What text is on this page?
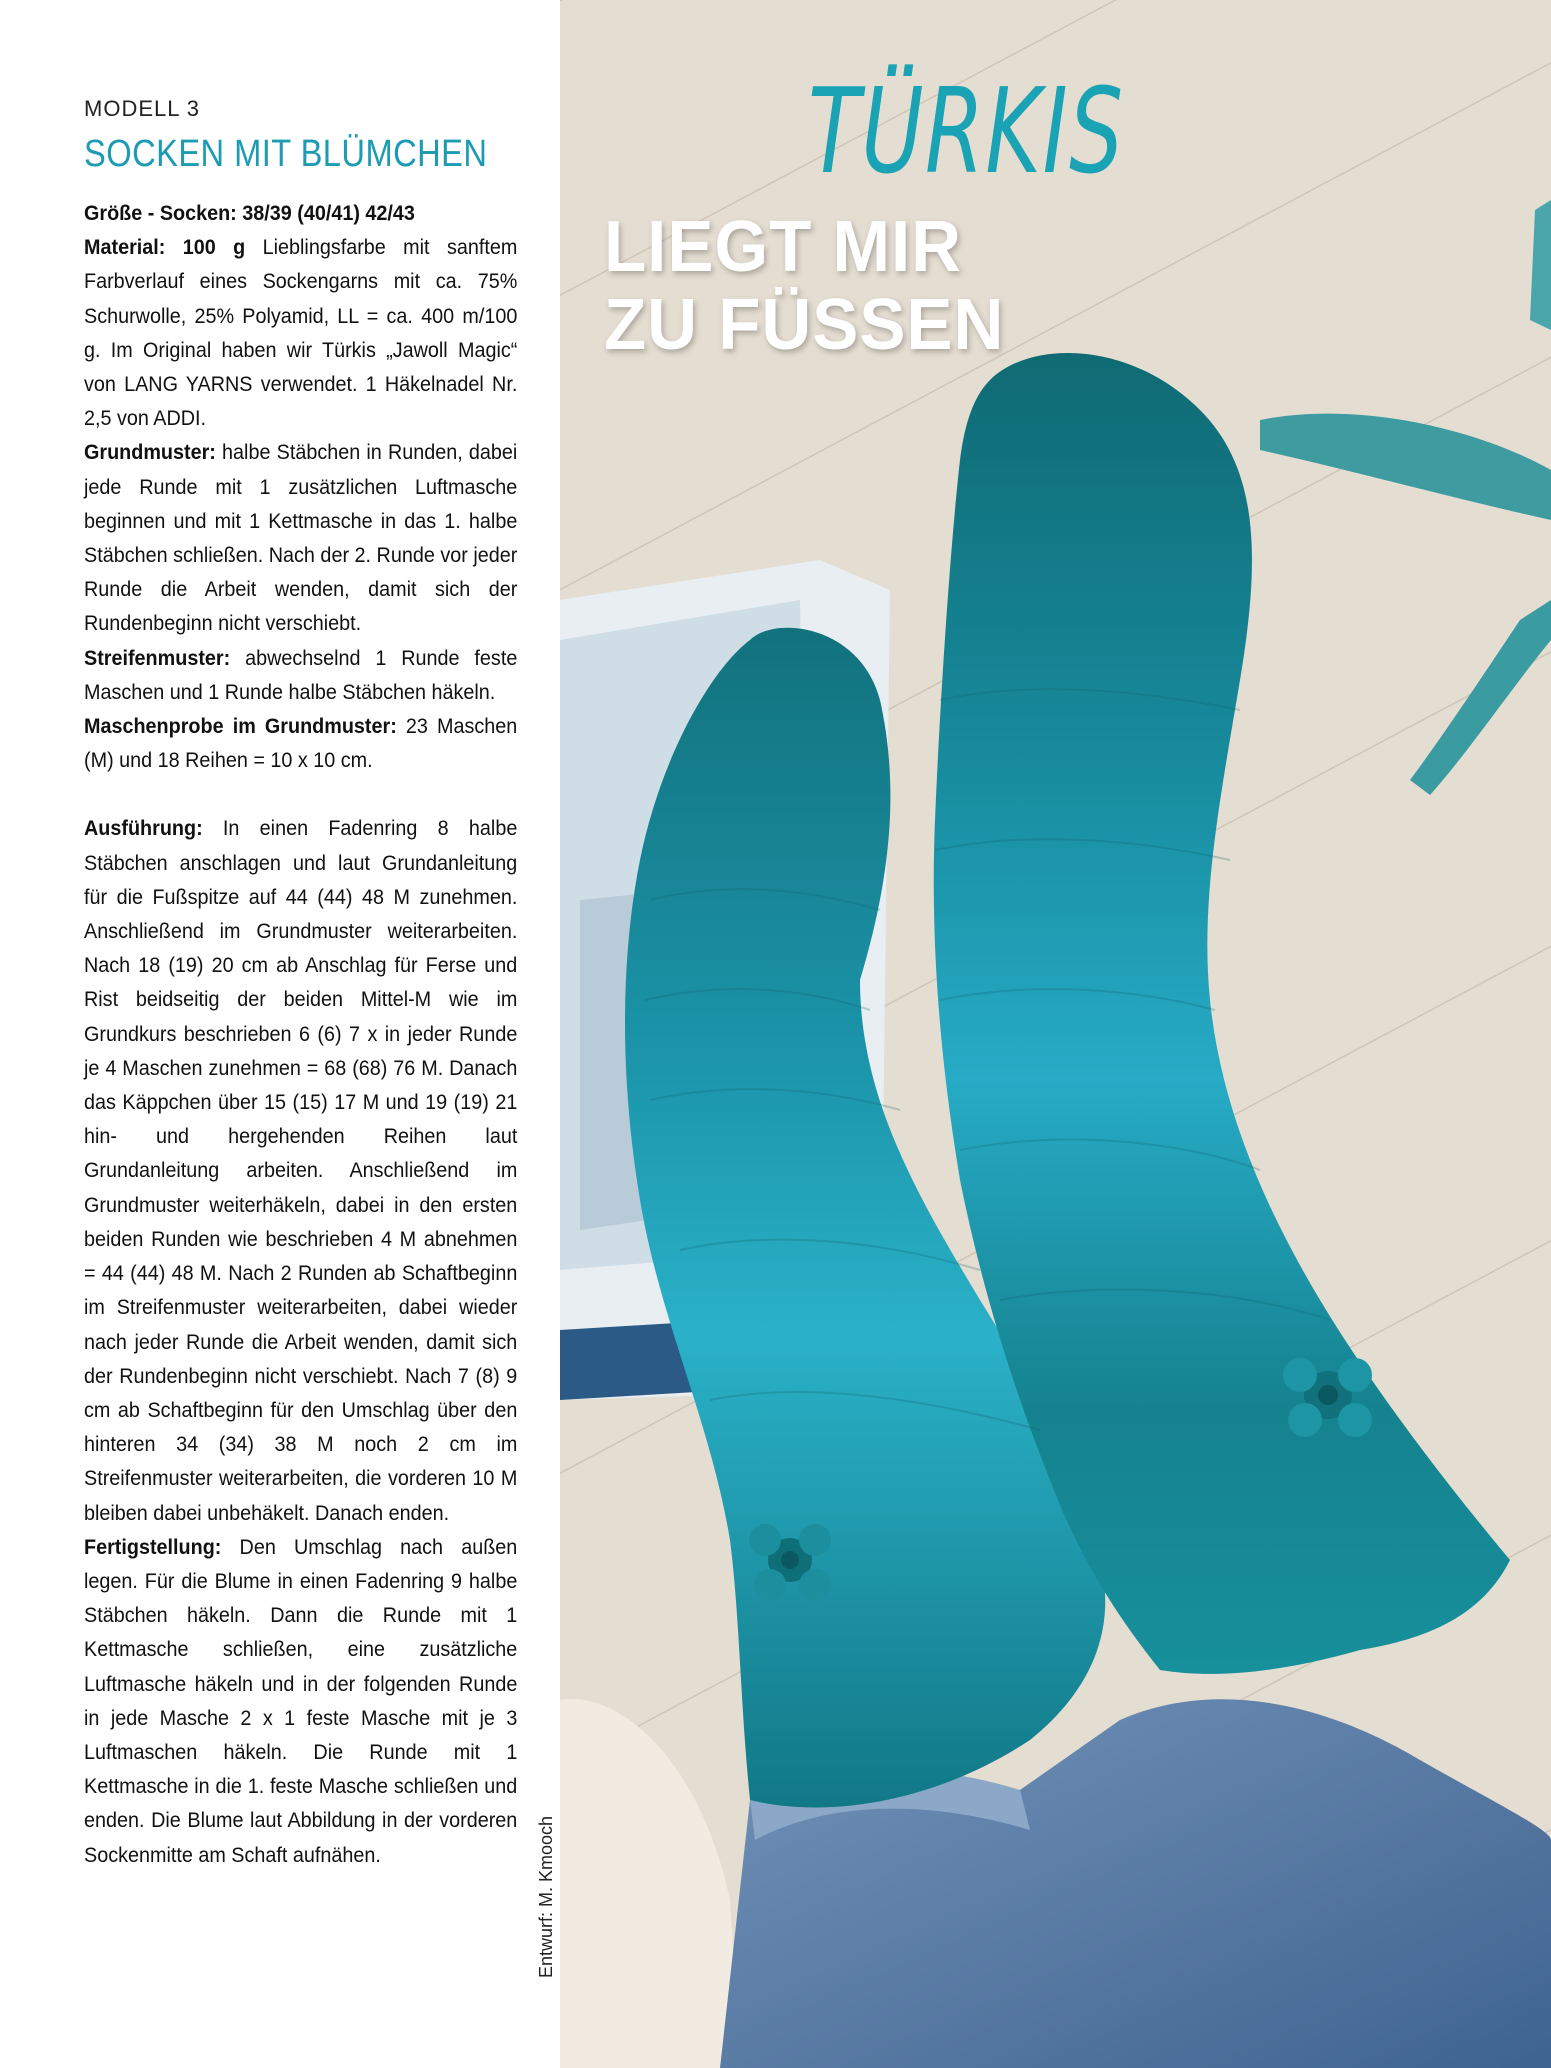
MODELL 3
SOCKEN MIT BLÜMCHEN

Größe - Socken: 38/39 (40/41) 42/43

Material: 100 g Lieblingsfarbe mit sanftem Farbverlauf eines Sockengarns mit ca. 75% Schurwolle, 25% Polyamid, LL = ca. 400 m/100 g. Im Original haben wir Türkis „Jawoll Magic“ von LANG YARNS verwendet. 1 Häkelnadel Nr. 2,5 von ADDI.

Grundmuster: halbe Stäbchen in Runden, dabei jede Runde mit 1 zusätzlichen Luftmasche beginnen und mit 1 Kettmasche in das 1. halbe Stäbchen schließen. Nach der 2. Runde vor jeder Runde die Arbeit wenden, damit sich der Rundenbeginn nicht verschiebt.

Streifenmuster: abwechselnd 1 Runde feste Maschen und 1 Runde halbe Stäbchen häkeln.

Maschenprobe im Grundmuster: 23 Maschen (M) und 18 Reihen = 10 x 10 cm.

Ausführung: In einen Fadenring 8 halbe Stäbchen anschlagen und laut Grundanleitung für die Fußspitze auf 44 (44) 48 M zunehmen. Anschließend im Grundmuster weiterarbeiten. Nach 18 (19) 20 cm ab Anschlag für Ferse und Rist beidseitig der beiden Mittel-M wie im Grundkurs beschrieben 6 (6) 7 x in jeder Runde je 4 Maschen zunehmen = 68 (68) 76 M. Danach das Käppchen über 15 (15) 17 M und 19 (19) 21 hin- und hergehenden Reihen laut Grundanleitung arbeiten. Anschließend im Grundmuster weiterhäkeln, dabei in den ersten beiden Runden wie beschrieben 4 M abnehmen = 44 (44) 48 M. Nach 2 Runden ab Schaftbeginn im Streifenmuster weiterarbeiten, dabei wieder nach jeder Runde die Arbeit wenden, damit sich der Rundenbeginn nicht verschiebt. Nach 7 (8) 9 cm ab Schaftbeginn für den Umschlag über den hinteren 34 (34) 38 M noch 2 cm im Streifenmuster weiterarbeiten, die vorderen 10 M bleiben dabei unbehäkelt. Danach enden.

Fertigstellung: Den Umschlag nach außen legen. Für die Blume in einen Fadenring 9 halbe Stäbchen häkeln. Dann die Runde mit 1 Kettmasche schließen, eine zusätzliche Luftmasche häkeln und in der folgenden Runde in jede Masche 2 x 1 feste Masche mit je 3 Luftmaschen häkeln. Die Runde mit 1 Kettmasche in die 1. feste Masche schließen und enden. Die Blume laut Abbildung in der vorderen Sockenmitte am Schaft aufnähen.	Entwurf: M. Kmooch
TÜRKIS
LIEGT MIR
ZU FÜSSEN
